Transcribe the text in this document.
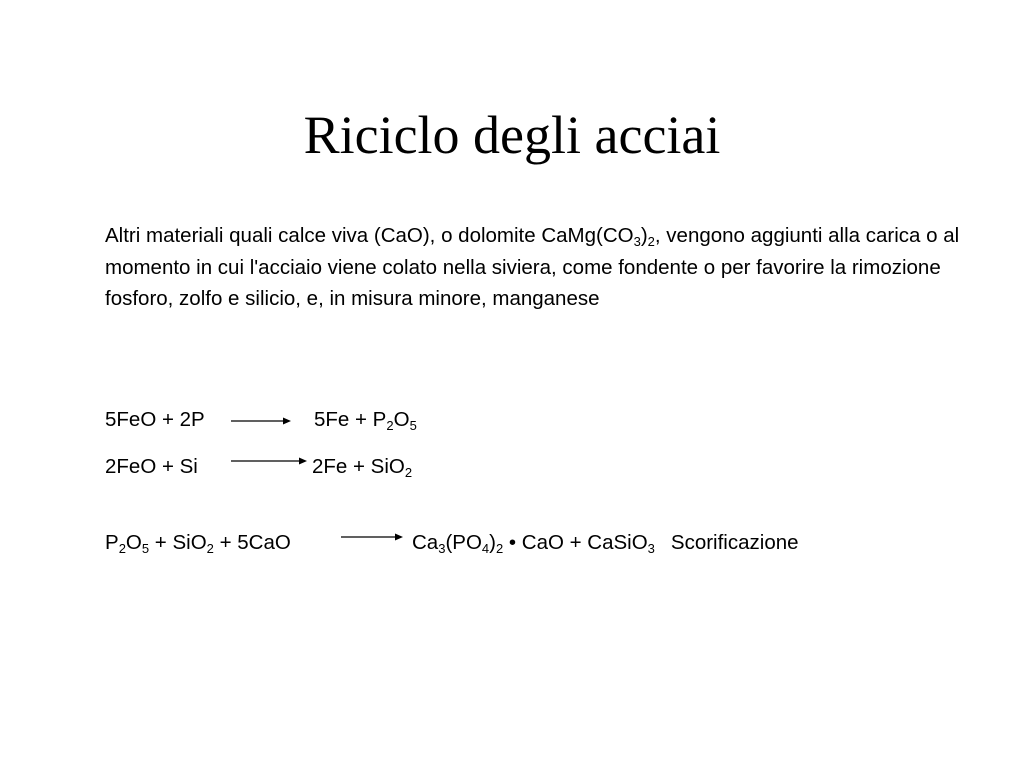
Riciclo degli acciai
Altri materiali quali calce viva (CaO), o dolomite $CaMg(CO_3)_2$, vengono aggiunti alla carica o al momento in cui l'acciaio viene colato nella siviera, come fondente o per favorire la rimozione fosforo, zolfo e silicio, e, in misura minore, manganese
5FeO + 2P	$5Fe + P_2O_5$
2FeO + Si	2Fe + SiO$_2$
$P_2O_5 + SiO_2 + 5CaO$	$Ca_3(PO_4)_2$ • CaO + CaSiO$_3$ Scorificazione
